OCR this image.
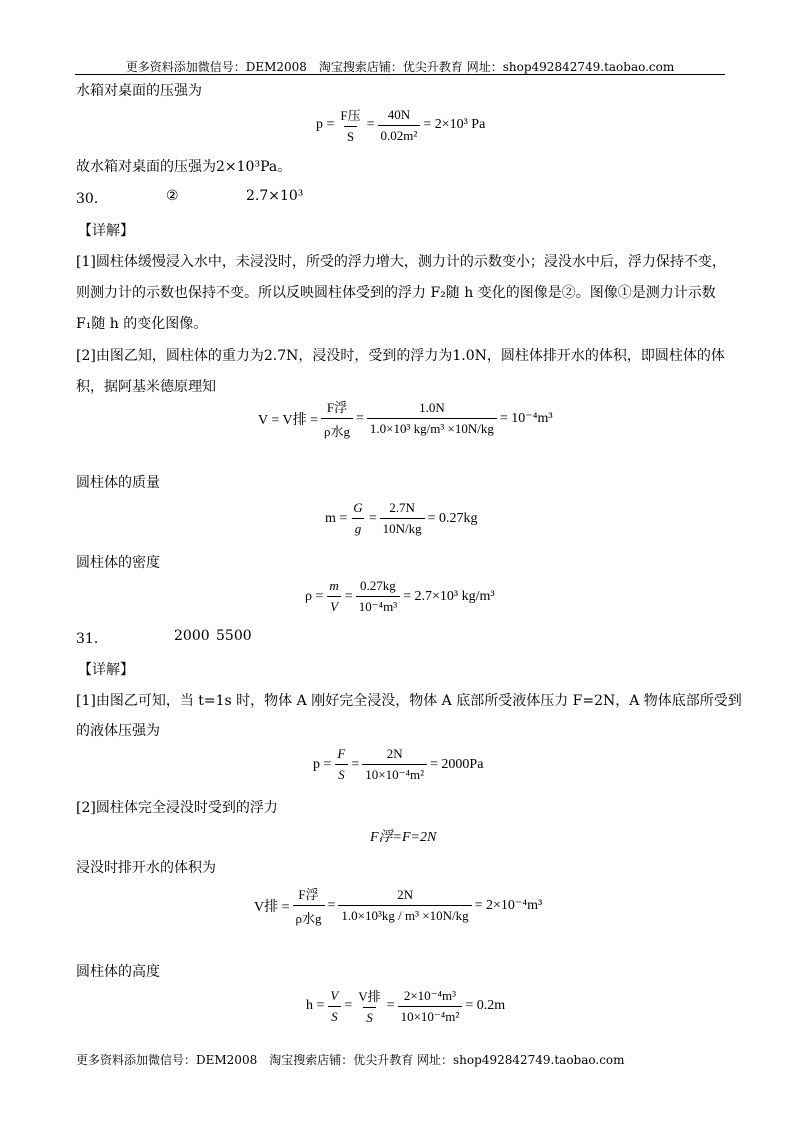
更多资料添加微信号：DEM2008　淘宝搜索店铺：优尖升教育 网址：shop492842749.taobao.com
水箱对桌面的压强为
$p = \frac{\text{F压}}{S} = \frac{40N}{\text{0.02m²}} = 2\times 10^3$ Pa
故水箱对桌面的压强为2×10³Pa。
30．	②	2.7×10³
【详解】
[1]圆柱体缓慢浸入水中，未浸没时，所受的浮力增大，测力计的示数变小；浸没水中后，浮力保持不变，
则测力计的示数也保持不变。所以反映圆柱体受到的浮力 F₂随 h 变化的图像是②。图像①是测力计示数
F₁随 h 的变化图像。
[2]由图乙知，圆柱体的重力为2.7N，浸没时，受到的浮力为1.0N，圆柱体排开水的体积，即圆柱体的体
积，据阿基米德原理知
V = V排 = $\frac{\text{F浮}}{\text{ρ水g}} = \frac{1.0N}{\text{1.0×10³ kg/m³ ×10N/kg}} = 10^{-4}m^3$
圆柱体的质量
$m = \frac{G}{g} = \frac{2.7N}{10N/kg} = 0.27kg$
圆柱体的密度
$\rho = \frac{m}{V} = \frac{0.27kg}{\text{10⁻⁴m³}} = 2.7\times 10^3$ kg/m³
31．	2000 5500
【详解】
[1]由图乙可知，当 t=1s 时，物体 A 刚好完全浸没，物体 A 底部所受液体压力 F=2N，A 物体底部所受到
的液体压强为
$p = \frac{F}{S} = \frac{2N}{\text{10×10⁻⁴m²}} = 2000Pa$
[2]圆柱体完全浸没时受到的浮力
F浮=F=2N
浸没时排开水的体积为
V排 = $\frac{\text{F浮}}{\text{ρ水g}} = \frac{2N}{\text{1.0×10³kg / m³ ×10N/kg}} = 2\times 10^{-4}m^3$
圆柱体的高度
$h = \frac{V}{S} = \frac{\text{V排}}{S} = \frac{\text{2×10⁻⁴m³}}{\text{10×10⁻⁴m²}} = 0.2m$
更多资料添加微信号：DEM2008　淘宝搜索店铺：优尖升教育 网址：shop492842749.taobao.com
